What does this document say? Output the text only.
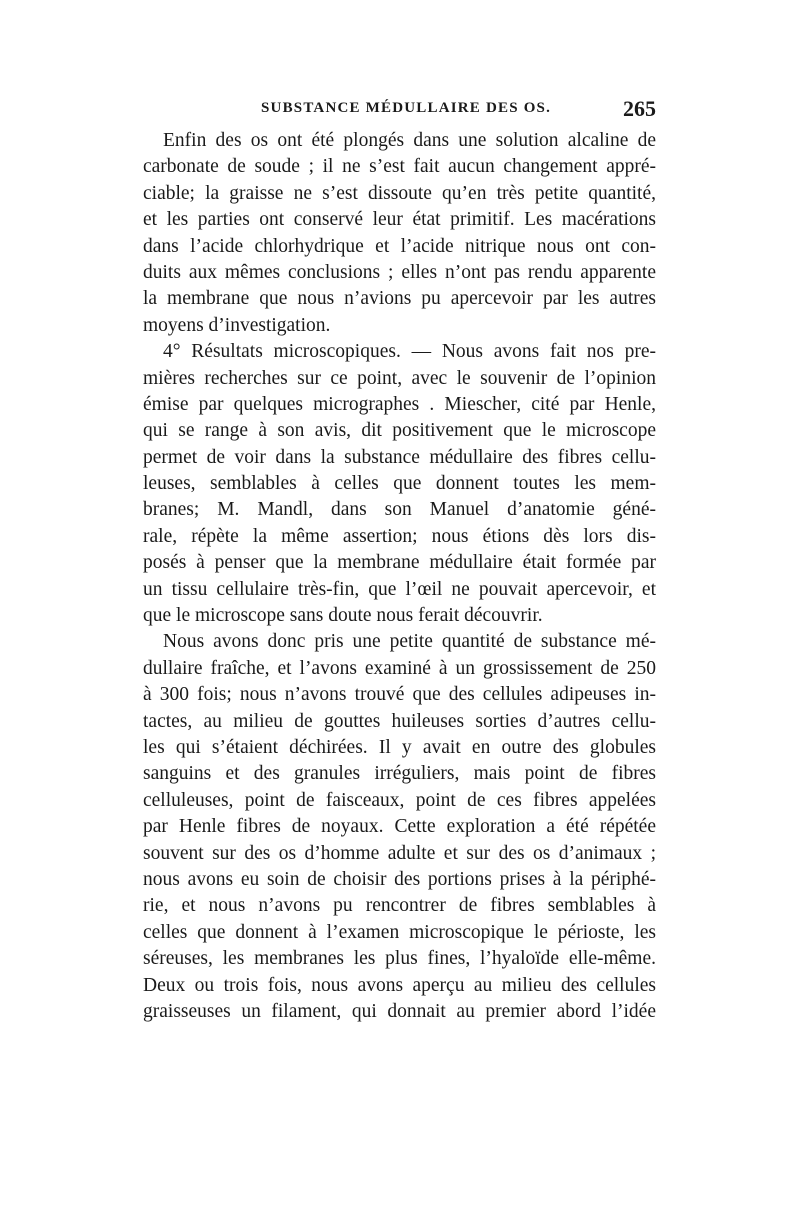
SUBSTANCE MÉDULLAIRE DES OS.	265
Enfin des os ont été plongés dans une solution alcaline de
carbonate de soude ; il ne s’est fait aucun changement appré-
ciable; la graisse ne s’est dissoute qu’en très petite quantité,
et les parties ont conservé leur état primitif. Les macérations
dans l’acide chlorhydrique et l’acide nitrique nous ont con-
duits aux mêmes conclusions ; elles n’ont pas rendu apparente
la membrane que nous n’avions pu apercevoir par les autres
moyens d’investigation.
4° Résultats microscopiques. — Nous avons fait nos pre-
mières recherches sur ce point, avec le souvenir de l’opinion
émise par quelques micrographes . Miescher, cité par Henle,
qui se range à son avis, dit positivement que le microscope
permet de voir dans la substance médullaire des fibres cellu-
leuses, semblables à celles que donnent toutes les mem-
branes; M. Mandl, dans son Manuel d’anatomie géné-
rale, répète la même assertion; nous étions dès lors dis-
posés à penser que la membrane médullaire était formée par
un tissu cellulaire très-fin, que l’œil ne pouvait apercevoir, et
que le microscope sans doute nous ferait découvrir.
Nous avons donc pris une petite quantité de substance mé-
dullaire fraîche, et l’avons examiné à un grossissement de 250
à 300 fois; nous n’avons trouvé que des cellules adipeuses in-
tactes, au milieu de gouttes huileuses sorties d’autres cellu-
les qui s’étaient déchirées. Il y avait en outre des globules
sanguins et des granules irréguliers, mais point de fibres
celluleuses, point de faisceaux, point de ces fibres appelées
par Henle fibres de noyaux. Cette exploration a été répétée
souvent sur des os d’homme adulte et sur des os d’animaux ;
nous avons eu soin de choisir des portions prises à la périphé-
rie, et nous n’avons pu rencontrer de fibres semblables à
celles que donnent à l’examen microscopique le périoste, les
séreuses, les membranes les plus fines, l’hyaloïde elle-même.
Deux ou trois fois, nous avons aperçu au milieu des cellules
graisseuses un filament, qui donnait au premier abord l’idée
